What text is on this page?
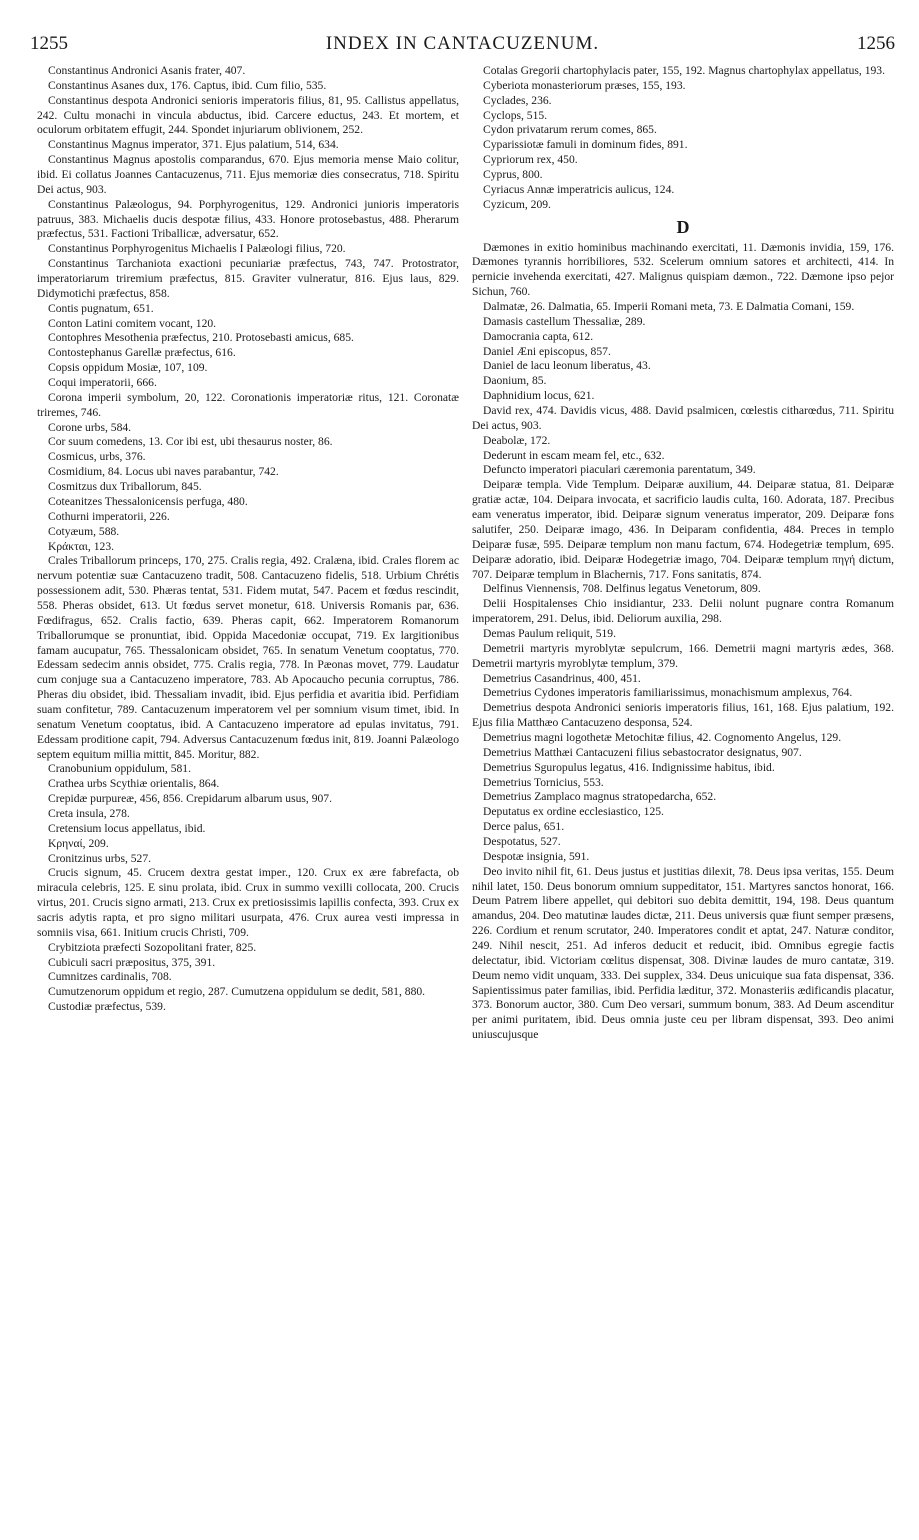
1255	INDEX IN CANTACUZENUM.	1256

Constantinus Andronici Asanis frater, 407.

Constantinus Asanes dux, 176. Captus, ibid. Cum filio, 535.

Constantinus despota Andronici senioris imperatoris filius, 81, 95. Callistus appellatus, 242. Cultu monachi in vincula abductus, ibid. Carcere eductus, 243. Et mortem, et oculorum orbitatem effugit, 244. Spondet injuriarum oblivionem, 252.

Constantinus Magnus imperator, 371. Ejus palatium, 514, 634.

Constantinus Magnus apostolis comparandus, 670. Ejus memoria mense Maio colitur, ibid. Ei collatus Joannes Cantacuzenus, 711. Ejus memoriæ dies consecratus, 718. Spiritu Dei actus, 903.

Constantinus Palæologus, 94. Porphyrogenitus, 129. Andronici junioris imperatoris patruus, 383. Michaelis ducis despotæ filius, 433. Honore protosebastus, 488. Pherarum præfectus, 531. Factioni Triballicæ, adversatur, 652.

Constantinus Porphyrogenitus Michaelis I Palæologi filius, 720.

Constantinus Tarchaniota exactioni pecuniariæ præfectus, 743, 747. Protostrator, imperatoriarum triremium præfectus, 815. Graviter vulneratur, 816. Ejus laus, 829. Didymotichi præfectus, 858.

Contis pugnatum, 651.

Conton Latini comitem vocant, 120.

Contophres Mesothenia præfectus, 210. Protosebasti amicus, 685.

Contostephanus Garellæ præfectus, 616.

Copsis oppidum Mosiæ, 107, 109.

Coqui imperatorii, 666.

Corona imperii symbolum, 20, 122. Coronationis imperatoriæ ritus, 121. Coronatæ triremes, 746.

Corone urbs, 584.

Cor suum comedens, 13. Cor ibi est, ubi thesaurus noster, 86.

Cosmicus, urbs, 376.

Cosmidium, 84. Locus ubi naves parabantur, 742.

Cosmitzus dux Triballorum, 845.

Coteanitzes Thessalonicensis perfuga, 480.

Cothurni imperatorii, 226.

Cotyæum, 588.

Κράκται, 123.

Crales Triballorum princeps, 170, 275. Cralis regia, 492. Cralæna, ibid. Crales florem ac nervum potentiæ suæ Cantacuzeno tradit, 508. Cantacuzeno fidelis, 518. Urbium Chrétis possessionem adit, 530. Phæras tentat, 531. Fidem mutat, 547. Pacem et fœdus rescindit, 558. Pheras obsidet, 613. Ut fœdus servet monetur, 618. Universis Romanis par, 636. Fœdifragus, 652. Cralis factio, 639. Pheras capit, 662. Imperatorem Romanorum Triballorumque se pronuntiat, ibid. Oppida Macedoniæ occupat, 719. Ex largitionibus famam aucupatur, 765. Thessalonicam obsidet, 765. In senatum Venetum cooptatus, 770. Edessam sedecim annis obsidet, 775. Cralis regia, 778. In Pæonas movet, 779. Laudatur cum conjuge sua a Cantacuzeno imperatore, 783. Ab Apocaucho pecunia corruptus, 786. Pheras diu obsidet, ibid. Thessaliam invadit, ibid. Ejus perfidia et avaritia ibid. Perfidiam suam confitetur, 789. Cantacuzenum imperatorem vel per somnium visum timet, ibid. In senatum Venetum cooptatus, ibid. A Cantacuzeno imperatore ad epulas invitatus, 791. Edessam proditione capit, 794. Adversus Cantacuzenum fœdus init, 819. Joanni Palæologo septem equitum millia mittit, 845. Moritur, 882.

Cranobunium oppidulum, 581.

Crathea urbs Scythiæ orientalis, 864.

Crepidæ purpureæ, 456, 856. Crepidarum albarum usus, 907.

Creta insula, 278.

Cretensium locus appellatus, ibid.

Κρηναί, 209.

Cronitzinus urbs, 527.

Crucis signum, 45. Crucem dextra gestat imper., 120. Crux ex ære fabrefacta, ob miracula celebris, 125. E sinu prolata, ibid. Crux in summo vexilli collocata, 200. Crucis virtus, 201. Crucis signo armati, 213. Crux ex pretiosissimis lapillis confecta, 393. Crux ex sacris adytis rapta, et pro signo militari usurpata, 476. Crux aurea vesti impressa in somniis visa, 661. Initium crucis Christi, 709.

Crybitziota præfecti Sozopolitani frater, 825.

Cubiculi sacri præpositus, 375, 391.

Cumnitzes cardinalis, 708.

Cumutzenorum oppidum et regio, 287. Cumutzena oppidulum se dedit, 581, 880.

Custodiæ præfectus, 539.

Cotalas Gregorii chartophylacis pater, 155, 192. Magnus chartophylax appellatus, 193.

Cyberiota monasteriorum præses, 155, 193.

Cyclades, 236.

Cyclops, 515.

Cydon privatarum rerum comes, 865.

Cyparissiotæ famuli in dominum fides, 891.

Cypriorum rex, 450.

Cyprus, 800.

Cyriacus Annæ imperatricis aulicus, 124.

Cyzicum, 209.

D

Dæmones in exitio hominibus machinando exercitati, 11. Dæmonis invidia, 159, 176. Dæmones tyrannis horribiliores, 532. Scelerum omnium satores et architecti, 414. In pernicie invehenda exercitati, 427. Malignus quispiam dæmon., 722. Dæmone ipso pejor Sichun, 760.

Dalmatæ, 26. Dalmatia, 65. Imperii Romani meta, 73. E Dalmatia Comani, 159.

Damasis castellum Thessaliæ, 289.

Damocrania capta, 612.

Daniel Æni episcopus, 857.

Daniel de lacu leonum liberatus, 43.

Daonium, 85.

Daphnidium locus, 621.

David rex, 474. Davidis vicus, 488. David psalmicen, cœlestis citharœdus, 711. Spiritu Dei actus, 903.

Deabolæ, 172.

Dederunt in escam meam fel, etc., 632.

Defuncto imperatori piaculari cæremonia parentatum, 349.

Deiparæ templa. Vide Templum. Deiparæ auxilium, 44. Deiparæ statua, 81. Deiparæ gratiæ actæ, 104. Deipara invocata, et sacrificio laudis culta, 160. Adorata, 187. Precibus eam veneratus imperator, ibid. Deiparæ signum veneratus imperator, 209. Deiparæ fons salutifer, 250. Deiparæ imago, 436. In Deiparam confidentia, 484. Preces in templo Deiparæ fusæ, 595. Deiparæ templum non manu factum, 674. Hodegetriæ templum, 695. Deiparæ adoratio, ibid. Deiparæ Hodegetriæ imago, 704. Deiparæ templum πηγή dictum, 707. Deiparæ templum in Blachernis, 717. Fons sanitatis, 874.

Delfinus Viennensis, 708. Delfinus legatus Venetorum, 809.

Delii Hospitalenses Chio insidiantur, 233. Delii nolunt pugnare contra Romanum imperatorem, 291. Delus, ibid. Deliorum auxilia, 298.

Demas Paulum reliquit, 519.

Demetrii martyris myroblytæ sepulcrum, 166. Demetrii magni martyris ædes, 368. Demetrii martyris myroblytæ templum, 379.

Demetrius Casandrinus, 400, 451.

Demetrius Cydones imperatoris familiarissimus, monachismum amplexus, 764.

Demetrius despota Andronici senioris imperatoris filius, 161, 168. Ejus palatium, 192. Ejus filia Matthæo Cantacuzeno desponsa, 524.

Demetrius magni logothetæ Metochitæ filius, 42. Cognomento Angelus, 129.

Demetrius Matthæi Cantacuzeni filius sebastocrator designatus, 907.

Demetrius Sguropulus legatus, 416. Indignissime habitus, ibid.

Demetrius Tornicius, 553.

Demetrius Zamplaco magnus stratopedarcha, 652.

Deputatus ex ordine ecclesiastico, 125.

Derce palus, 651.

Despotatus, 527.

Despotæ insignia, 591.

Deo invito nihil fit, 61. Deus justus et justitias dilexit, 78. Deus ipsa veritas, 155. Deum nihil latet, 150. Deus bonorum omnium suppeditator, 151. Martyres sanctos honorat, 166. Deum Patrem libere appellet, qui debitori suo debita demittit, 194, 198. Deus quantum amandus, 204. Deo matutinæ laudes dictæ, 211. Deus universis quæ fiunt semper præsens, 226. Cordium et renum scrutator, 240. Imperatores condit et aptat, 247. Naturæ conditor, 249. Nihil nescit, 251. Ad inferos deducit et reducit, ibid. Omnibus egregie factis delectatur, ibid. Victoriam cœlitus dispensat, 308. Divinæ laudes de muro cantatæ, 319. Deum nemo vidit unquam, 333. Dei supplex, 334. Deus unicuique sua fata dispensat, 336. Sapientissimus pater familias, ibid. Perfidia læditur, 372. Monasteriis ædificandis placatur, 373. Bonorum auctor, 380. Cum Deo versari, summum bonum, 383. Ad Deum ascenditur per animi puritatem, ibid. Deus omnia juste ceu per libram dispensat, 393. Deo animi uniuscujusque
